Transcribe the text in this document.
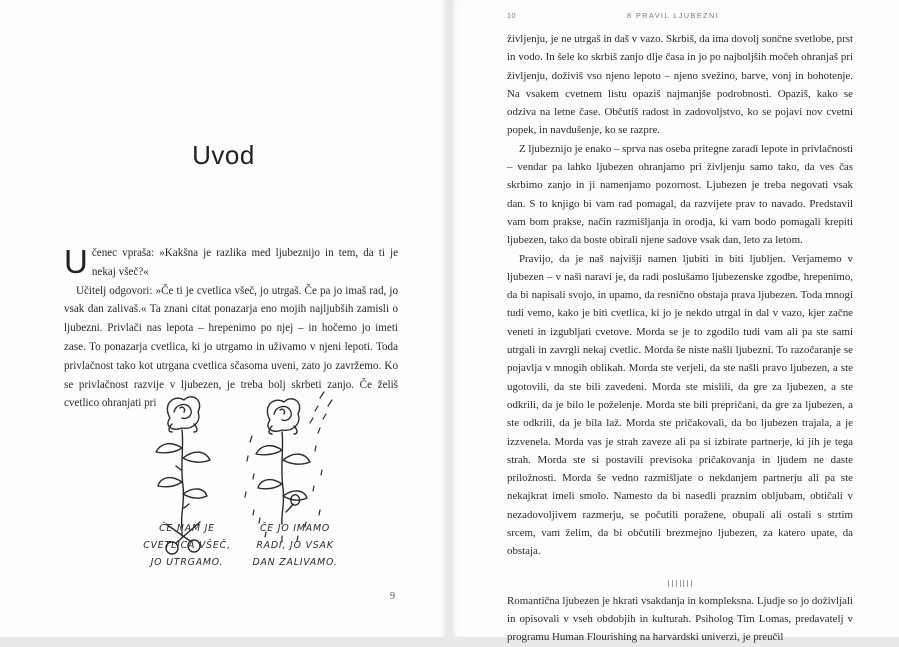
Uvod

Učenec vpraša: »Kakšna je razlika med ljubeznijo in tem, da ti je nekaj všeč?«

Učitelj odgovori: »Če ti je cvetlica všeč, jo utrgaš. Če pa jo imaš rad, jo vsak dan zalivaš.« Ta znani citat ponazarja eno mojih najljubših zamisli o ljubezni. Privlači nas lepota – hrepenimo po njej – in hočemo jo imeti zase. To ponazarja cvetlica, ki jo utrgamo in uživamo v njeni lepoti. Toda privlačnost tako kot utrgana cvetlica sčasoma uveni, zato jo zavržemo. Ko se privlačnost razvije v ljubezen, je treba bolj skrbeti zanjo. Če želiš cvetlico ohranjati pri

ČE NAM JE
CVETLICA VŠEČ,
JO UTRGAMO.
ČE JO IMAMO
RADI, JO VSAK
DAN ZALIVAMO.
9
10	8 PRAVIL LJUBEZNI

življenju, je ne utrgaš in daš v vazo. Skrbiš, da ima dovolj sončne svetlobe, prst in vodo. In šele ko skrbiš zanjo dlje časa in jo po najboljših močeh ohranjaš pri življenju, doživiš vso njeno lepoto – njeno svežino, barve, vonj in bohotenje. Na vsakem cvetnem listu opaziš najmanjše podrobnosti. Opaziš, kako se odziva na letne čase. Občutiš radost in zadovoljstvo, ko se pojavi nov cvetni popek, in navdušenje, ko se razpre.

Z ljubeznijo je enako – sprva nas oseba pritegne zaradi lepote in privlačnosti – vendar pa lahko ljubezen ohranjamo pri življenju samo tako, da ves čas skrbimo zanjo in ji namenjamo pozornost. Ljubezen je treba negovati vsak dan. S to knjigo bi vam rad pomagal, da razvijete prav to navado. Predstavil vam bom prakse, način razmišljanja in orodja, ki vam bodo pomagali krepiti ljubezen, tako da boste obirali njene sadove vsak dan, leto za letom.

Pravijo, da je naš najvišji namen ljubiti in biti ljubljen. Verjamemo v ljubezen – v naši naravi je, da radi poslušamo ljubezenske zgodbe, hrepenimo, da bi napisali svojo, in upamo, da resnično obstaja prava ljubezen. Toda mnogi tudi vemo, kako je biti cvetlica, ki jo je nekdo utrgal in dal v vazo, kjer začne veneti in izgubljati cvetove. Morda se je to zgodilo tudi vam ali pa ste sami utrgali in zavrgli nekaj cvetlic. Morda še niste našli ljubezni. To razočaranje se pojavlja v mnogih oblikah. Morda ste verjeli, da ste našli pravo ljubezen, a ste ugotovili, da ste bili zavedeni. Morda ste mislili, da gre za ljubezen, a ste odkrili, da je bilo le poželenje. Morda ste bili prepričani, da gre za ljubezen, a ste odkrili, da je bila laž. Morda ste pričakovali, da bo ljubezen trajala, a je izzvenela. Morda vas je strah zaveze ali pa si izbirate partnerje, ki jih je tega strah. Morda ste si postavili previsoka pričakovanja in ljudem ne daste priložnosti. Morda še vedno razmišljate o nekdanjem partnerju ali pa ste nekajkrat imeli smolo. Namesto da bi nasedli praznim obljubam, obtičali v nezadovoljivem razmerju, se počutili poražene, obupali ali ostali s strtim srcem, vam želim, da bi občutili brezmejno ljubezen, za katero upate, da obstaja.

Romantična ljubezen je hkrati vsakdanja in kompleksna. Ljudje so jo doživljali in opisovali v vseh obdobjih in kulturah. Psiholog Tim Lomas, predavatelj v programu Human Flourishing na harvardski univerzi, je preučil
